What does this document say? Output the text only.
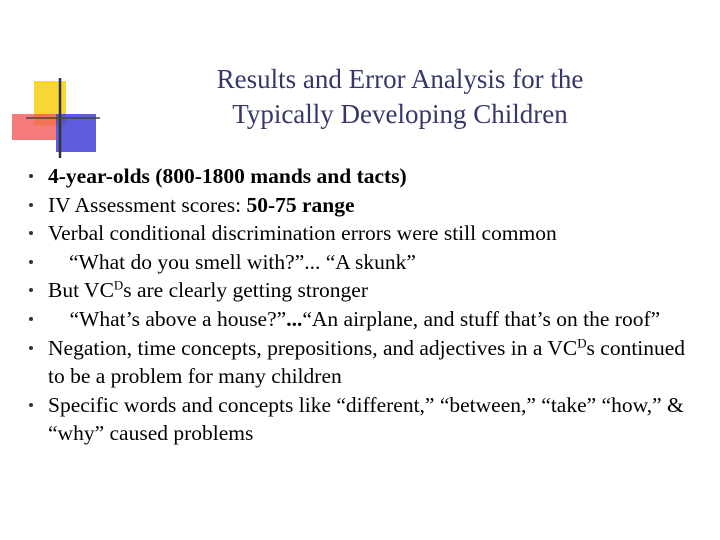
Results and Error Analysis for the
Typically Developing Children
4-year-olds (800-1800 mands and tacts)
IV Assessment scores: 50-75 range
Verbal conditional discrimination errors were still common
“What do you smell with?”... “A skunk”
But $VC^Ds$ are clearly getting stronger
 “What’s above a house?”...“An airplane, and stuff that’s on the roof”
Negation, time concepts, prepositions, and adjectives in a $VC^Ds$ continued to be a problem for many children
Specific words and concepts like “different,” “between,” “take” “how,” & “why” caused problems
